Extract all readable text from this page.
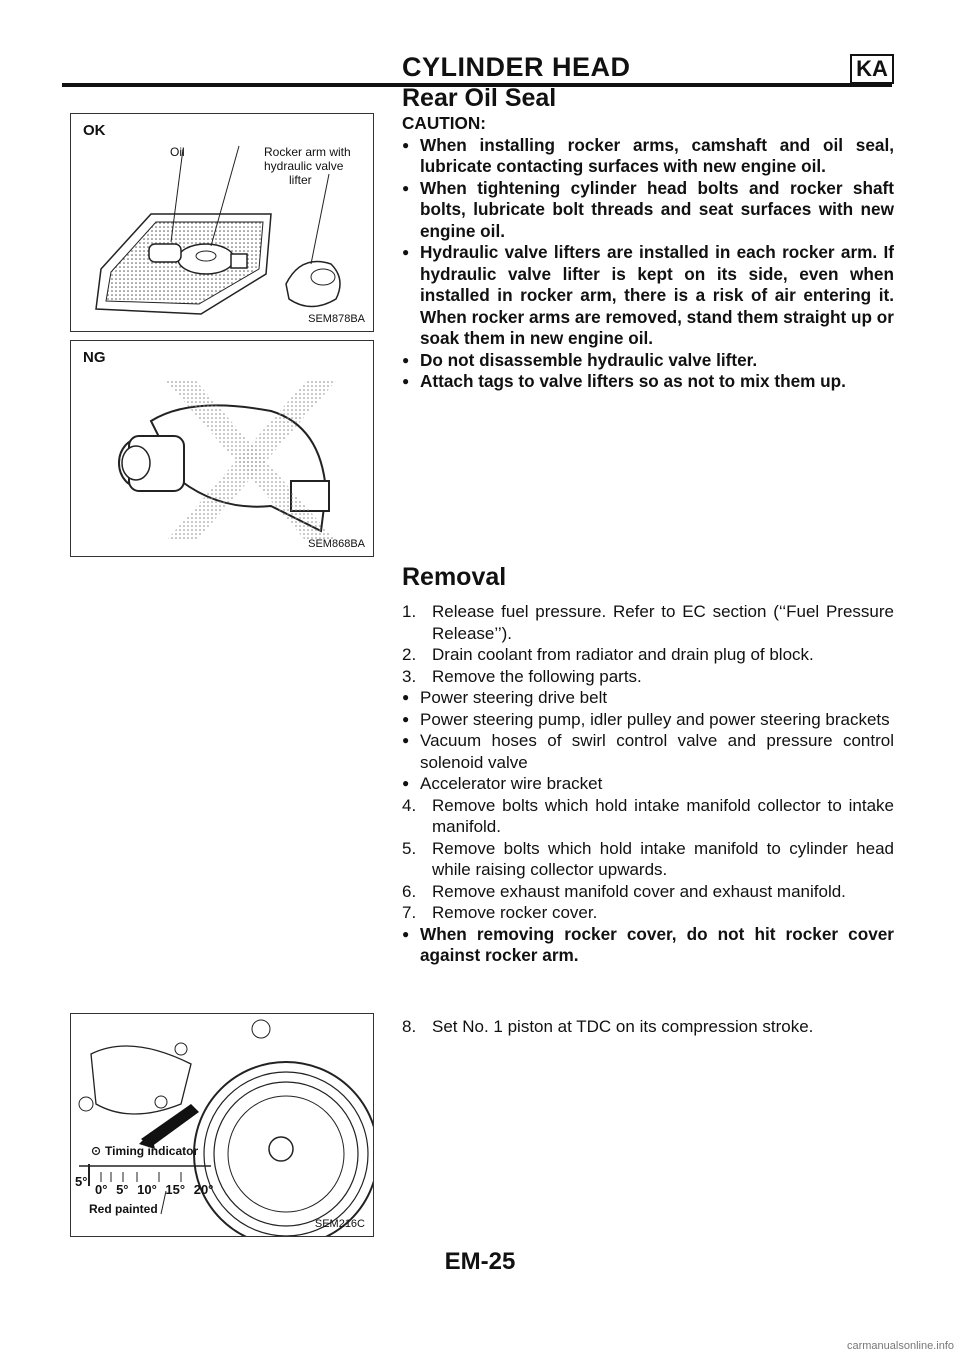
CYLINDER HEAD	KA
Rear Oil Seal
CAUTION:
● When installing rocker arms, camshaft and oil seal, lubricate contacting surfaces with new engine oil.
● When tightening cylinder head bolts and rocker shaft bolts, lubricate bolt threads and seat surfaces with new engine oil.
● Hydraulic valve lifters are installed in each rocker arm. If hydraulic valve lifter is kept on its side, even when installed in rocker arm, there is a risk of air entering it. When rocker arms are removed, stand them straight up or soak them in new engine oil.
● Do not disassemble hydraulic valve lifter.
● Attach tags to valve lifters so as not to mix them up.
OK
Oil	Rocker arm with
hydraulic valve
lifter
SEM878BA
NG
SEM868BA
Removal
1. Release fuel pressure. Refer to EC section (‘‘Fuel Pressure Release’’).
2. Drain coolant from radiator and drain plug of block.
3. Remove the following parts.
● Power steering drive belt
● Power steering pump, idler pulley and power steering brackets
● Vacuum hoses of swirl control valve and pressure control solenoid valve
● Accelerator wire bracket
4. Remove bolts which hold intake manifold collector to intake manifold.
5. Remove bolts which hold intake manifold to cylinder head while raising collector upwards.
6. Remove exhaust manifold cover and exhaust manifold.
7. Remove rocker cover.
● When removing rocker cover, do not hit rocker cover against rocker arm.
8. Set No. 1 piston at TDC on its compression stroke.
Timing indicator
5°
0° 5° 10° 15° 20°
Red painted
SEM216C
EM-25
carmanualsonline.info
